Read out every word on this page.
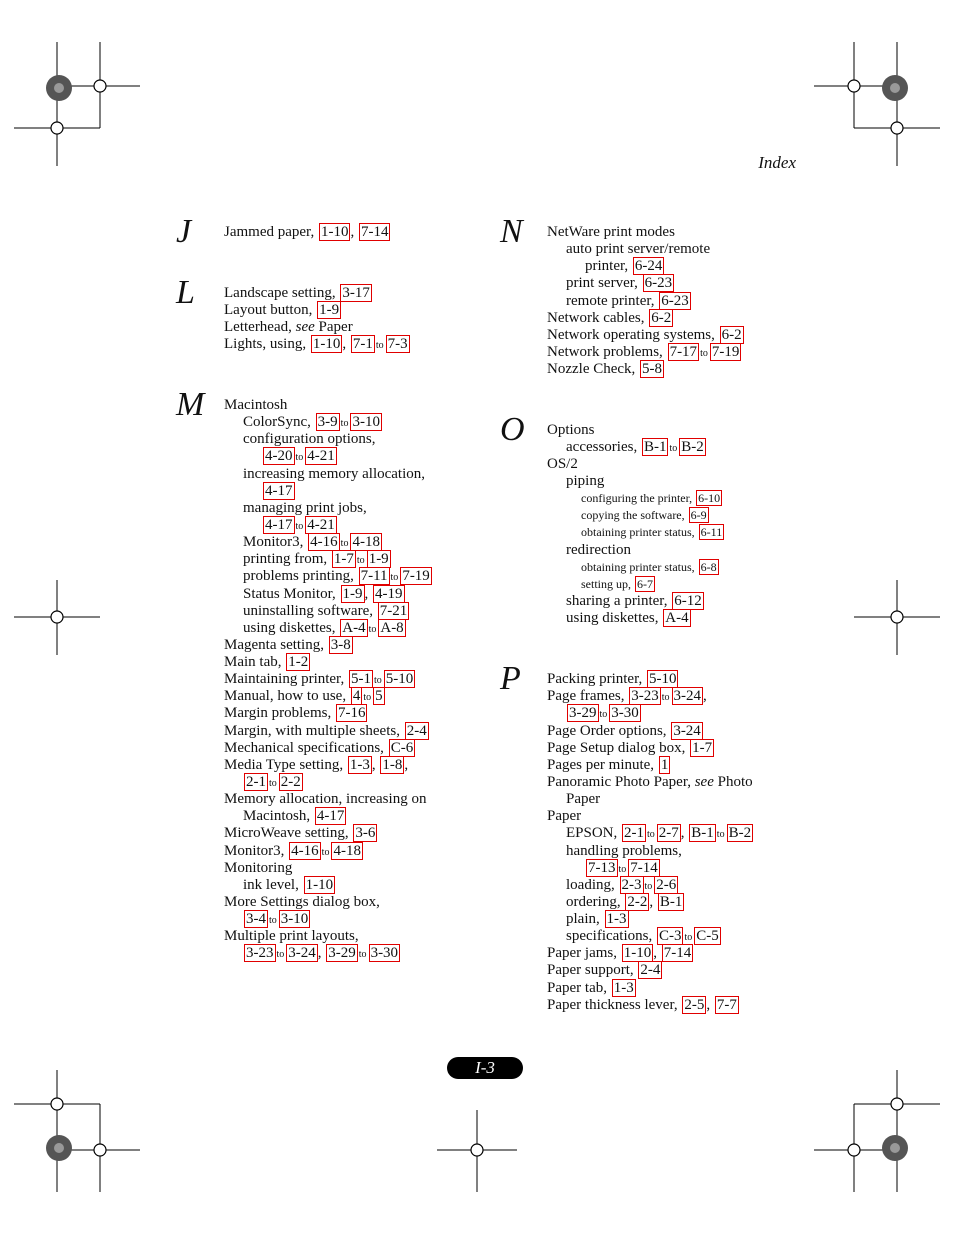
Index
J
L
M
Jammed paper, 1-10 , 7-14
Landscape setting, 3-17
Layout button, 1-9
Letterhead, see Paper
Lights, using, 1-10 , 7-1 to 7-3
Macintosh
ColorSync, 3-9 to 3-10
configuration options,
4-20 to 4-21
increasing memory allocation,
4-17
managing print jobs,
4-17 to 4-21
Monitor3, 4-16 to 4-18
printing from, 1-7 to 1-9
problems printing, 7-11 to 7-19
Status Monitor, 1-9 , 4-19
uninstalling software, 7-21
using diskettes, A-4 to A-8
Magenta setting, 3-8
Main tab, 1-2
Maintaining printer, 5-1 to 5-10
Manual, how to use, 4 to 5
Margin problems, 7-16
Margin, with multiple sheets, 2-4
Mechanical specifications, C-6
Media Type setting, 1-3 , 1-8 ,
2-1 to 2-2
Memory allocation, increasing on
Macintosh, 4-17
MicroWeave setting, 3-6
Monitor3, 4-16 to 4-18
Monitoring
ink level, 1-10
More Settings dialog box,
3-4 to 3-10
Multiple print layouts,
3-23 to 3-24 , 3-29 to 3-30
N
O
P
NetWare print modes
auto print server/remote
printer, 6-24
print server, 6-23
remote printer, 6-23
Network cables, 6-2
Network operating systems, 6-2
Network problems, 7-17 to 7-19
Nozzle Check, 5-8
Options
accessories, B-1 to B-2
OS/2
piping
configuring the printer, 6-10
copying the software, 6-9
obtaining printer status, 6-11
redirection
obtaining printer status, 6-8
setting up, 6-7
sharing a printer, 6-12
using diskettes, A-4
Packing printer, 5-10
Page frames, 3-23 to 3-24 ,
3-29 to 3-30
Page Order options, 3-24
Page Setup dialog box, 1-7
Pages per minute, 1
Panoramic Photo Paper, see Photo
Paper
Paper
EPSON, 2-1 to 2-7 , B-1 to B-2
handling problems,
7-13 to 7-14
loading, 2-3 to 2-6
ordering, 2-2 , B-1
plain, 1-3
specifications, C-3 to C-5
Paper jams, 1-10 , 7-14
Paper support, 2-4
Paper tab, 1-3
Paper thickness lever, 2-5 , 7-7
I-3
